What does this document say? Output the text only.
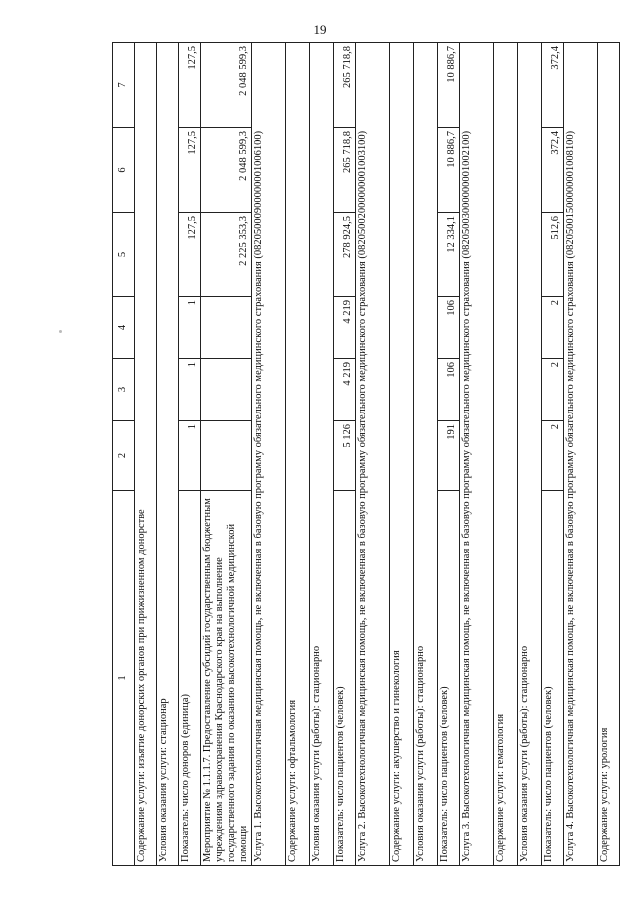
19
1	2	3	4	5	6	7
Содержание услуги: изъятие донорских органов при прижизненном донорстве						
Условия оказания услуги: стационар						
Показатель: число доноров (единица)	1	1	1	127,5	127,5	127,5
Мероприятие № 1.1.1.7. Предоставление субсидий государственным бюджетным учреждениям здравоохранения Краснодарского края на выполнение государственного задания по оказанию высокотехнологичной медицинской помощи				2 225 353,3	2 048 599,3	2 048 599,3
Услуга 1. Высокотехнологичная медицинская помощь, не включенная в базовую программу обязательного медицинского страхования (08205000900000001006100)						
Содержание услуги: офтальмология						
Условия оказания услуги (работы): стационарно						
Показатель: число пациентов (человек)	5 126	4 219	4 219	278 924,5	265 718,8	265 718,8
Услуга 2. Высокотехнологичная медицинская помощь, не включенная в базовую программу обязательного медицинского страхования (08205002000000001003100)						
Содержание услуги: акушерство и гинекология						
Условия оказания услуги (работы): стационарно						
Показатель: число пациентов (человек)	191	106	106	12 334,1	10 886,7	10 886,7
Услуга 3. Высокотехнологичная медицинская помощь, не включенная в базовую программу обязательного медицинского страхования (08205003000000001002100)						
Содержание услуги: гематология						
Условия оказания услуги (работы): стационарно						
Показатель: число пациентов (человек)	2	2	2	512,6	372,4	372,4
Услуга 4. Высокотехнологичная медицинская помощь, не включенная в базовую программу обязательного медицинского страхования (08205001500000001008100)						
Содержание услуги: урология						
